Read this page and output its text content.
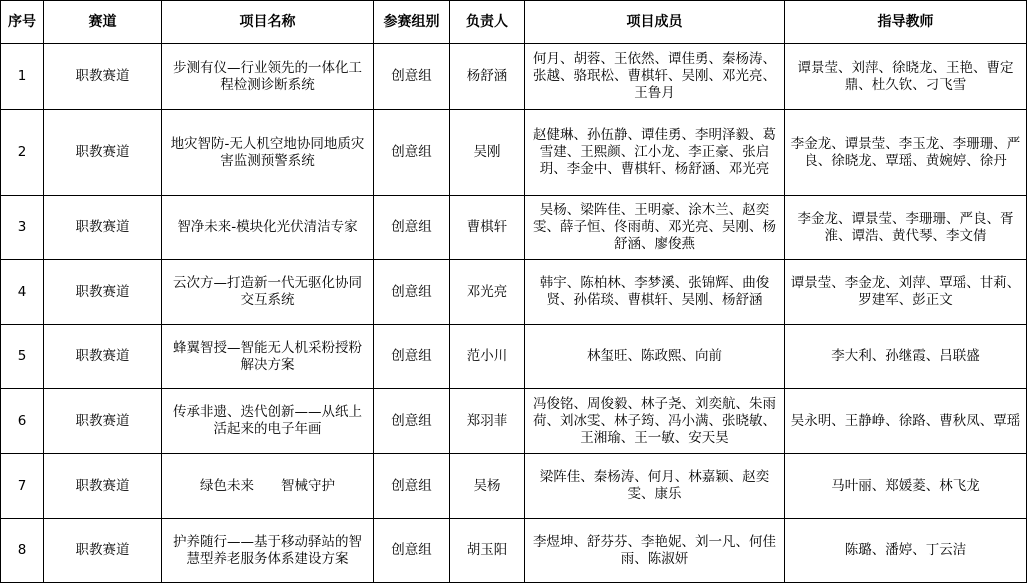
序号	赛道	项目名称	参赛组别	负责人	项目成员	指导教师
1	职教赛道	步测有仪—行业领先的一体化工程检测诊断系统	创意组	杨舒涵	何月、胡蓉、王依然、谭佳勇、秦杨涛、张越、骆珉松、曹棋轩、吴刚、邓光亮、王鲁月	谭景莹、刘萍、徐晓龙、王艳、曹定鼎、杜久钦、刁飞雪
2	职教赛道	地灾智防-无人机空地协同地质灾害监测预警系统	创意组	吴刚	赵健琳、孙伍静、谭佳勇、李明泽毅、葛雪建、王熙颜、江小龙、李正豪、张启玥、李金中、曹棋轩、杨舒涵、邓光亮	李金龙、谭景莹、李玉龙、李珊珊、严良、徐晓龙、覃瑶、黄婉婷、徐丹
3	职教赛道	智净未来-模块化光伏清洁专家	创意组	曹棋轩	吴杨、梁阵佳、王明豪、涂木兰、赵奕雯、薛子恒、佟雨萌、邓光亮、吴刚、杨舒涵、廖俊燕	李金龙、谭景莹、李珊珊、严良、胥淮、谭浩、黄代琴、李文倩
4	职教赛道	云次方—打造新一代无驱化协同交互系统	创意组	邓光亮	韩宇、陈柏林、李梦溪、张锦辉、曲俊贤、孙偌琰、曹棋轩、吴刚、杨舒涵	谭景莹、李金龙、刘萍、覃瑶、甘莉、罗建军、彭正文
5	职教赛道	蜂翼智授—智能无人机采粉授粉解决方案	创意组	范小川	林玺旺、陈政熙、向前	李大利、孙继霞、吕联盛
6	职教赛道	传承非遗、迭代创新——从纸上活起来的电子年画	创意组	郑羽菲	冯俊铭、周俊毅、林子尧、刘奕航、朱雨荷、刘冰雯、林子筠、冯小满、张晓敏、王湘瑜、王一敏、安天昊	吴永明、王静峥、徐路、曹秋凤、覃瑶
7	职教赛道	绿色未来　　智械守护	创意组	吴杨	梁阵佳、秦杨涛、何月、林嘉颖、赵奕雯、康乐	马叶丽、郑媛菱、林飞龙
8	职教赛道	护养随行——基于移动驿站的智慧型养老服务体系建设方案	创意组	胡玉阳	李煜坤、舒芬芬、李艳妮、刘一凡、何佳雨、陈淑妍	陈璐、潘婷、丁云洁
